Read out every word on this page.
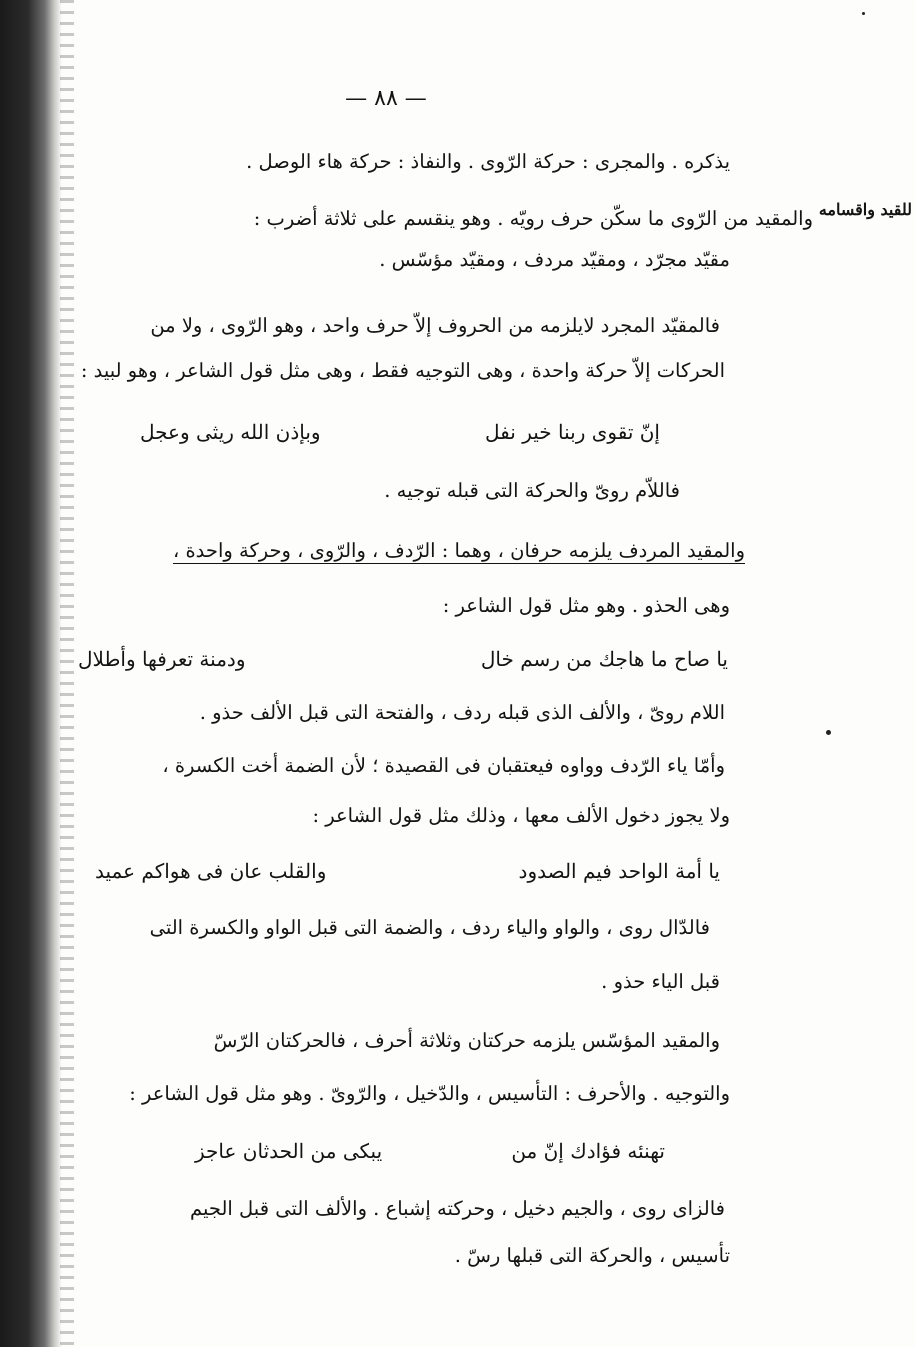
— ٨٨ —
للقيد واقسامه
يذكره . والمجرى : حركة الرّوى . والنفاذ : حركة هاء الوصل .
والمقيد من الرّوى ما سكّن حرف رويّه . وهو ينقسم على ثلاثة أضرب :
مقيّد مجرّد ، ومقيّد مردف ، ومقيّد مؤسّس .
فالمقيّد المجرد لايلزمه من الحروف إلاّ حرف واحد ، وهو الرّوى ، ولا من
الحركات إلاّ حركة واحدة ، وهى التوجيه فقط ، وهى مثل قول الشاعر ، وهو لبيد :
إنّ تقوى ربنا خير نفل
وبإذن الله ريثى وعجل
فاللاّم روىّ والحركة التى قبله توجيه .
والمقيد المردف يلزمه حرفان ، وهما : الرّدف ، والرّوى ، وحركة واحدة ،
وهى الحذو . وهو مثل قول الشاعر :
يا صاح ما هاجك من رسم خال
ودمنة تعرفها وأطلال
اللام روىّ ، والألف الذى قبله ردف ، والفتحة التى قبل الألف حذو .
وأمّا ياء الرّدف وواوه فيعتقبان فى القصيدة ؛ لأن الضمة أخت الكسرة ،
ولا يجوز دخول الألف معها ، وذلك مثل قول الشاعر :
يا أمة الواحد فيم الصدود
والقلب عان فى هواكم عميد
فالدّال روى ، والواو والياء ردف ، والضمة التى قبل الواو والكسرة التى
قبل الياء حذو .
والمقيد المؤسّس يلزمه حركتان وثلاثة أحرف ، فالحركتان الرّسّ
والتوجيه . والأحرف : التأسيس ، والدّخيل ، والرّوىّ . وهو مثل قول الشاعر :
تهنئه فؤادك إنّ من
يبكى من الحدثان عاجز
فالزاى روى ، والجيم دخيل ، وحركته إشباع . والألف التى قبل الجيم
تأسيس ، والحركة التى قبلها رسّ .
